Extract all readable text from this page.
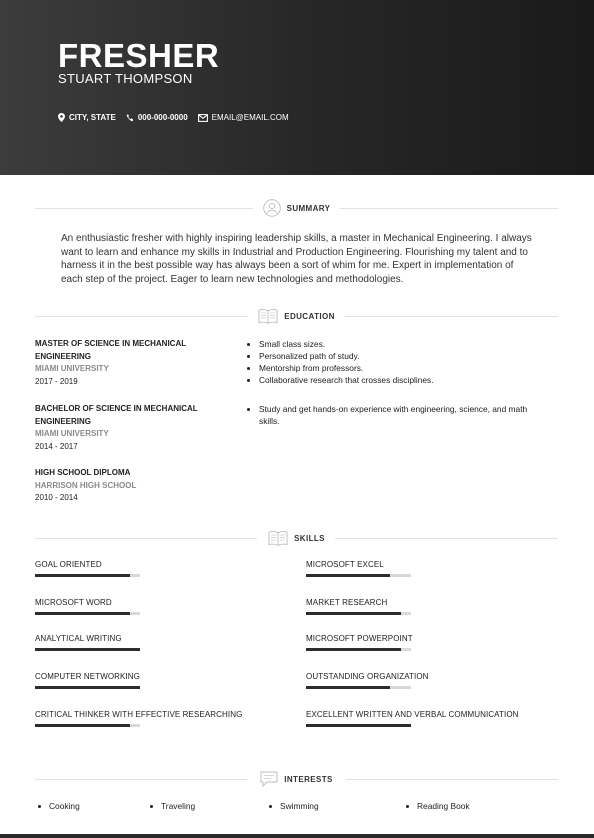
FRESHER
STUART THOMPSON
CITY, STATE	000-000-0000	EMAIL@EMAIL.COM
SUMMARY
An enthusiastic fresher with highly inspiring leadership skills, a master in Mechanical Engineering. I always want to learn and enhance my skills in Industrial and Production Engineering. Flourishing my talent and to harness it in the best possible way has always been a sort of whim for me. Expert in implementation of each step of the project. Eager to learn new technologies and methodologies.
EDUCATION
MASTER OF SCIENCE IN MECHANICAL ENGINEERING
MIAMI UNIVERSITY
2017 - 2019
• Small class sizes.
• Personalized path of study.
• Mentorship from professors.
• Collaborative research that crosses disciplines.
BACHELOR OF SCIENCE IN MECHANICAL ENGINEERING
MIAMI UNIVERSITY
2014 - 2017
• Study and get hands-on experience with engineering, science, and math skills.
HIGH SCHOOL DIPLOMA
HARRISON HIGH SCHOOL
2010 - 2014
SKILLS
GOAL ORIENTED	MICROSOFT EXCEL
MICROSOFT WORD	MARKET RESEARCH
ANALYTICAL WRITING	MICROSOFT POWERPOINT
COMPUTER NETWORKING	OUTSTANDING ORGANIZATION
CRITICAL THINKER WITH EFFECTIVE RESEARCHING	EXCELLENT WRITTEN AND VERBAL COMMUNICATION
INTERESTS
Cooking	Traveling	Swimming	Reading Book
